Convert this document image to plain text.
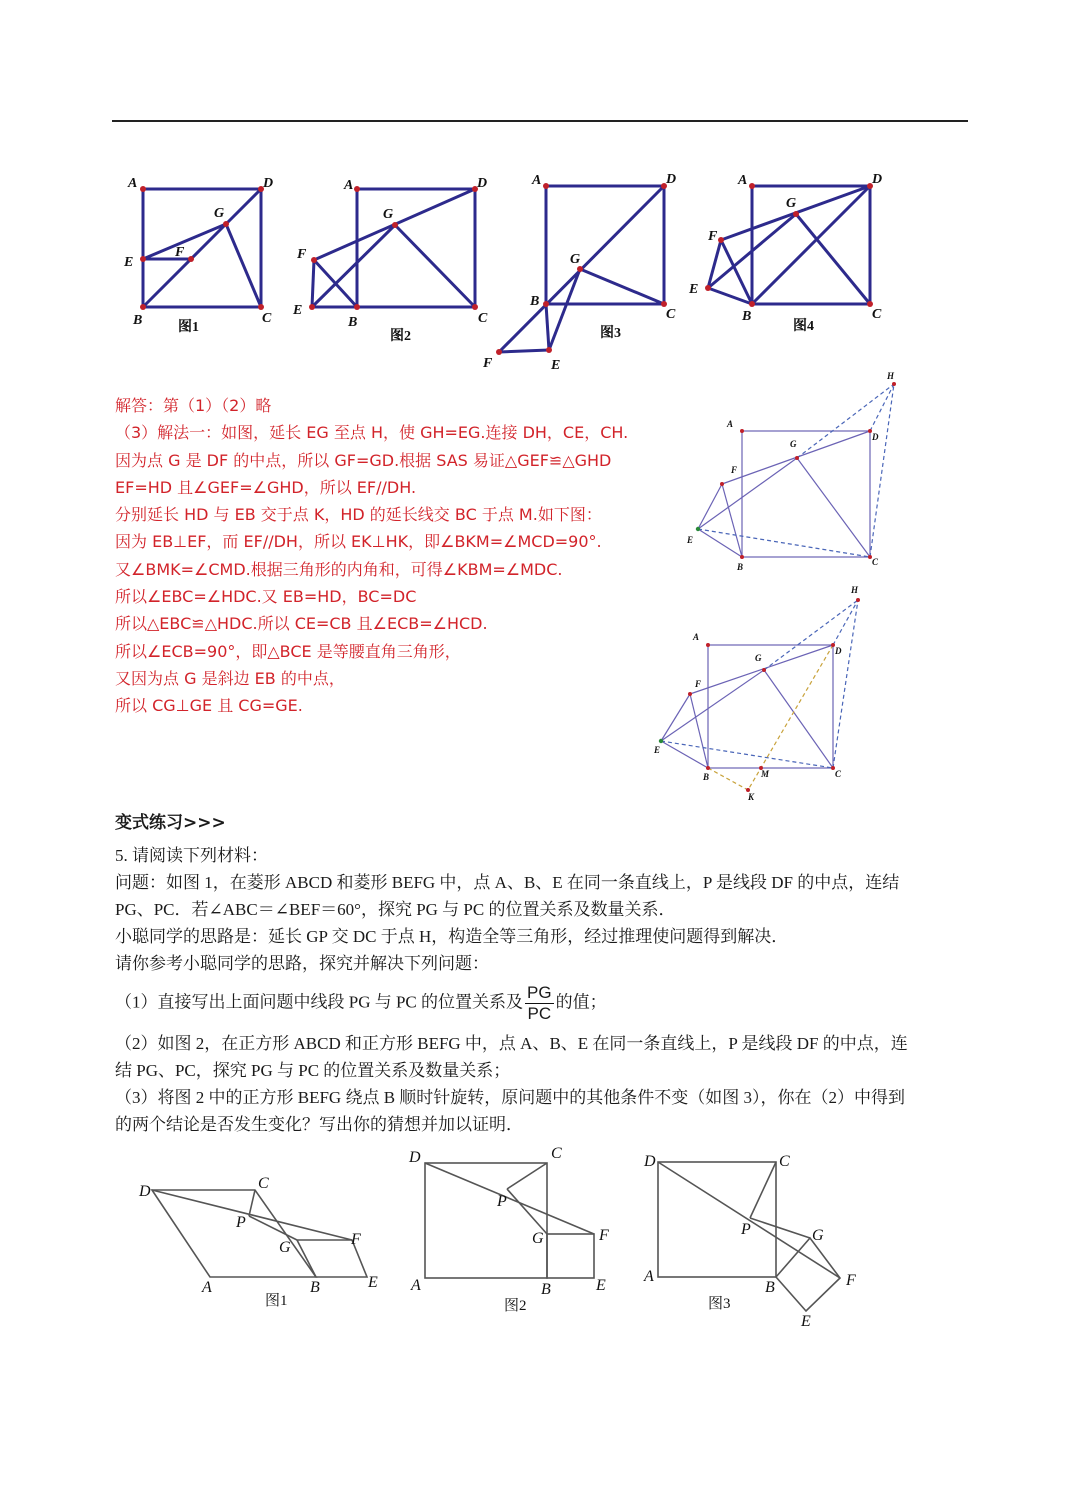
A	D
G
E
F
B	C
图1
A	D
G
F
E
B	C
图2
A	D
G
B
C
图3
F	E
A	D
G
F
E
B	C
图4
解答：第（1）（2）略
（3）解法一：如图，延长 EG 至点 H，使 GH=EG.连接 DH，CE，CH.
因为点 G 是 DF 的中点，所以 GF=GD.根据 SAS 易证△GEF≌△GHD
EF=HD 且∠GEF=∠GHD，所以 EF//DH.
分别延长 HD 与 EB 交于点 K，HD 的延长线交 BC 于点 M.如下图：
因为 EB⊥EF，而 EF//DH，所以 EK⊥HK，即∠BKM=∠MCD=90°.
又∠BMK=∠CMD.根据三角形的内角和，可得∠KBM=∠MDC.
所以∠EBC=∠HDC.又 EB=HD，BC=DC
所以△EBC≌△HDC.所以 CE=CB 且∠ECB=∠HCD.
所以∠ECB=90°，即△BCE 是等腰直角三角形，
又因为点 G 是斜边 EB 的中点，
所以 CG⊥GE 且 CG=GE.
H
A
G
D
F
E
B	C
H
A
G
D
F
E
B	M	C
K
变式练习>>>
5. 请阅读下列材料：
问题：如图 1，在菱形 ABCD 和菱形 BEFG 中，点 A、B、E 在同一条直线上，P 是线段 DF 的中点，连结
PG、PC．若∠ABC＝∠BEF＝60°，探究 PG 与 PC 的位置关系及数量关系．
小聪同学的思路是：延长 GP 交 DC 于点 H，构造全等三角形，经过推理使问题得到解决．
请你参考小聪同学的思路，探究并解决下列问题：
（1）直接写出上面问题中线段 PG 与 PC 的位置关系及 $\frac{PG}{PC}$ 的值；
（2）如图 2，在正方形 ABCD 和正方形 BEFG 中，点 A、B、E 在同一条直线上，P 是线段 DF 的中点，连
结 PG、PC，探究 PG 与 PC 的位置关系及数量关系；
（3）将图 2 中的正方形 BEFG 绕点 B 顺时针旋转，原问题中的其他条件不变（如图 3），你在（2）中得到
的两个结论是否发生变化？写出你的猜想并加以证明．
D	C
P
G	F
A	B	E
图1
D	C
P
G	F
A	B	E
图2
D	C
P	G
A
B	F
E
图3
